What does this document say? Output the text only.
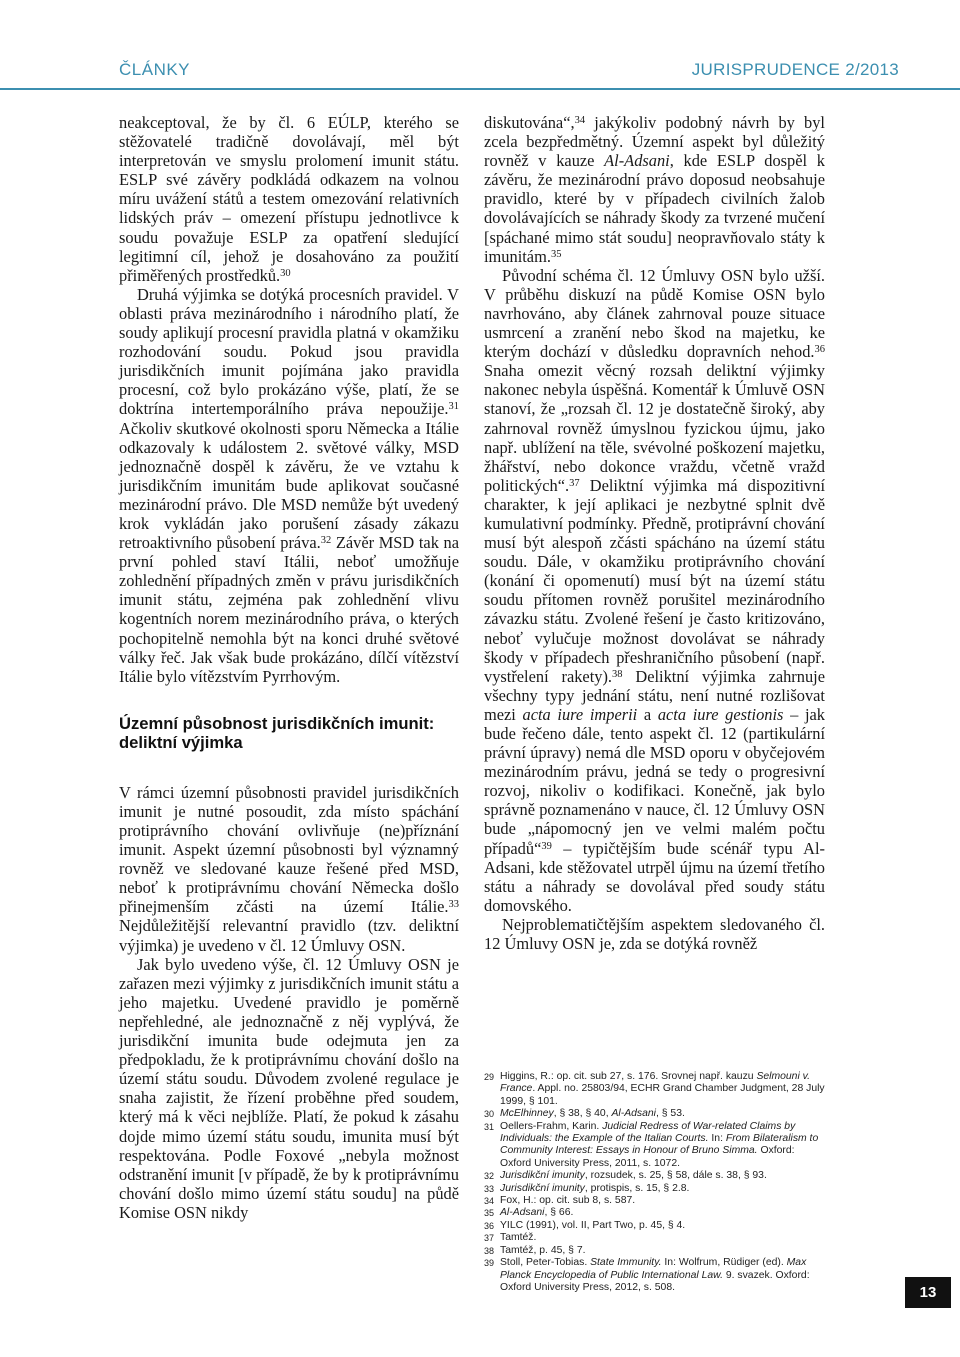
ČLÁNKY	JURISPRUDENCE 2/2013

neakceptoval, že by čl. 6 EÚLP, kterého se stěžovatelé tradičně dovolávají, měl být interpretován ve smyslu prolomení imunit státu. ESLP své závěry podkládá odkazem na volnou míru uvážení států a testem omezování relativních lidských práv – omezení přístupu jednotlivce k soudu považuje ESLP za opatření sledující legitimní cíl, jehož je dosahováno za použití přiměřených prostředků.$^{30}$

Druhá výjimka se dotýká procesních pravidel. V oblasti práva mezinárodního i národního platí, že soudy aplikují procesní pravidla platná v okamžiku rozhodování soudu. Pokud jsou pravidla jurisdikčních imunit pojímána jako pravidla procesní, což bylo prokázáno výše, platí, že se doktrína intertemporálního práva nepoužije.$^{31}$ Ačkoliv skutkové okolnosti sporu Německa a Itálie odkazovaly k událostem 2. světové války, MSD jednoznačně dospěl k závěru, že ve vztahu k jurisdikčním imunitám bude aplikovat současné mezinárodní právo. Dle MSD nemůže být uvedený krok vykládán jako porušení zásady zákazu retroaktivního působení práva.$^{32}$ Závěr MSD tak na první pohled staví Itálii, neboť umožňuje zohlednění případných změn v právu jurisdikčních imunit státu, zejména pak zohlednění vlivu kogentních norem mezinárodního práva, o kterých pochopitelně nemohla být na konci druhé světové války řeč. Jak však bude prokázáno, dílčí vítězství Itálie bylo vítězstvím Pyrrhovým.

Územní působnost jurisdikčních imunit: deliktní výjimka

V rámci územní působnosti pravidel jurisdikčních imunit je nutné posoudit, zda místo spáchání protiprávního chování ovlivňuje (ne)příznání imunit. Aspekt územní působnosti byl významný rovněž ve sledované kauze řešené před MSD, neboť k protiprávnímu chování Německa došlo přinejmenším zčásti na území Itálie.$^{33}$ Nejdůležitější relevantní pravidlo (tzv. deliktní výjimka) je uvedeno v čl. 12 Úmluvy OSN.

Jak bylo uvedeno výše, čl. 12 Úmluvy OSN je zařazen mezi výjimky z jurisdikčních imunit státu a jeho majetku. Uvedené pravidlo je poměrně nepřehledné, ale jednoznačně z něj vyplývá, že jurisdikční imunita bude odejmuta jen za předpokladu, že k protiprávnímu chování došlo na území státu soudu. Důvodem zvolené regulace je snaha zajistit, že řízení proběhne před soudem, který má k věci nejblíže. Platí, že pokud k zásahu dojde mimo území státu soudu, imunita musí být respektována. Podle Foxové „nebyla možnost odstranění imunit [v případě, že by k protiprávnímu chování došlo mimo území státu soudu] na půdě Komise OSN nikdy

diskutována“,$^{34}$ jakýkoliv podobný návrh by byl zcela bezpředmětný. Územní aspekt byl důležitý rovněž v kauze Al-Adsani, kde ESLP dospěl k závěru, že mezinárodní právo doposud neobsahuje pravidlo, které by v případech civilních žalob dovolávajících se náhrady škody za tvrzené mučení [spáchané mimo stát soudu] neopravňovalo státy k imunitám.$^{35}$

Původní schéma čl. 12 Úmluvy OSN bylo užší. V průběhu diskuzí na půdě Komise OSN bylo navrhováno, aby článek zahrnoval pouze situace usmrcení a zranění nebo škod na majetku, ke kterým dochází v důsledku dopravních nehod.$^{36}$ Snaha omezit věcný rozsah deliktní výjimky nakonec nebyla úspěšná. Komentář k Úmluvě OSN stanoví, že „rozsah čl. 12 je dostatečně široký, aby zahrnoval rovněž úmyslnou fyzickou újmu, jako např. ublížení na těle, svévolné poškození majetku, žhářství, nebo dokonce vraždu, včetně vražd politických“.$^{37}$ Deliktní výjimka má dispozitivní charakter, k její aplikaci je nezbytné splnit dvě kumulativní podmínky. Předně, protiprávní chování musí být alespoň zčásti spácháno na území státu soudu. Dále, v okamžiku protiprávního chování (konání či opomenutí) musí být na území státu soudu přítomen rovněž porušitel mezinárodního závazku státu. Zvolené řešení je často kritizováno, neboť vylučuje možnost dovolávat se náhrady škody v případech přeshraničního působení (např. vystřelení rakety).$^{38}$ Deliktní výjimka zahrnuje všechny typy jednání státu, není nutné rozlišovat mezi acta iure imperii a acta iure gestionis – jak bude řečeno dále, tento aspekt čl. 12 (partikulární právní úpravy) nemá dle MSD oporu v obyčejovém mezinárodním právu, jedná se tedy o progresivní rozvoj, nikoliv o kodifikaci. Konečně, jak bylo správně poznamenáno v nauce, čl. 12 Úmluvy OSN bude „nápomocný jen ve velmi malém počtu případů“$^{39}$ – typičtějším bude scénář typu Al-Adsani, kde stěžovatel utrpěl újmu na území třetího státu a náhrady se dovolával před soudy státu domovského.

Nejproblematičtějším aspektem sledovaného čl. 12 Úmluvy OSN je, zda se dotýká rovněž

29 Higgins, R.: op. cit. sub 27, s. 176. Srovnej např. kauzu Selmouni v. France. Appl. no. 25803/94, ECHR Grand Chamber Judgment, 28 July 1999, § 101.
30 McElhinney, § 38, § 40, Al-Adsani, § 53.
31 Oellers-Frahm, Karin. Judicial Redress of War-related Claims by Individuals: the Example of the Italian Courts. In: From Bilateralism to Community Interest: Essays in Honour of Bruno Simma. Oxford: Oxford University Press, 2011, s. 1072.
32 Jurisdikční imunity, rozsudek, s. 25, § 58, dále s. 38, § 93.
33 Jurisdikční imunity, protispis, s. 15, § 2.8.
34 Fox, H.: op. cit. sub 8, s. 587.
35 Al-Adsani, § 66.
36 YILC (1991), vol. II, Part Two, p. 45, § 4.
37 Tamtéž.
38 Tamtéž, p. 45, § 7.
39 Stoll, Peter-Tobias. State Immunity. In: Wolfrum, Rüdiger (ed). Max Planck Encyclopedia of Public International Law. 9. svazek. Oxford: Oxford University Press, 2012, s. 508.	13
